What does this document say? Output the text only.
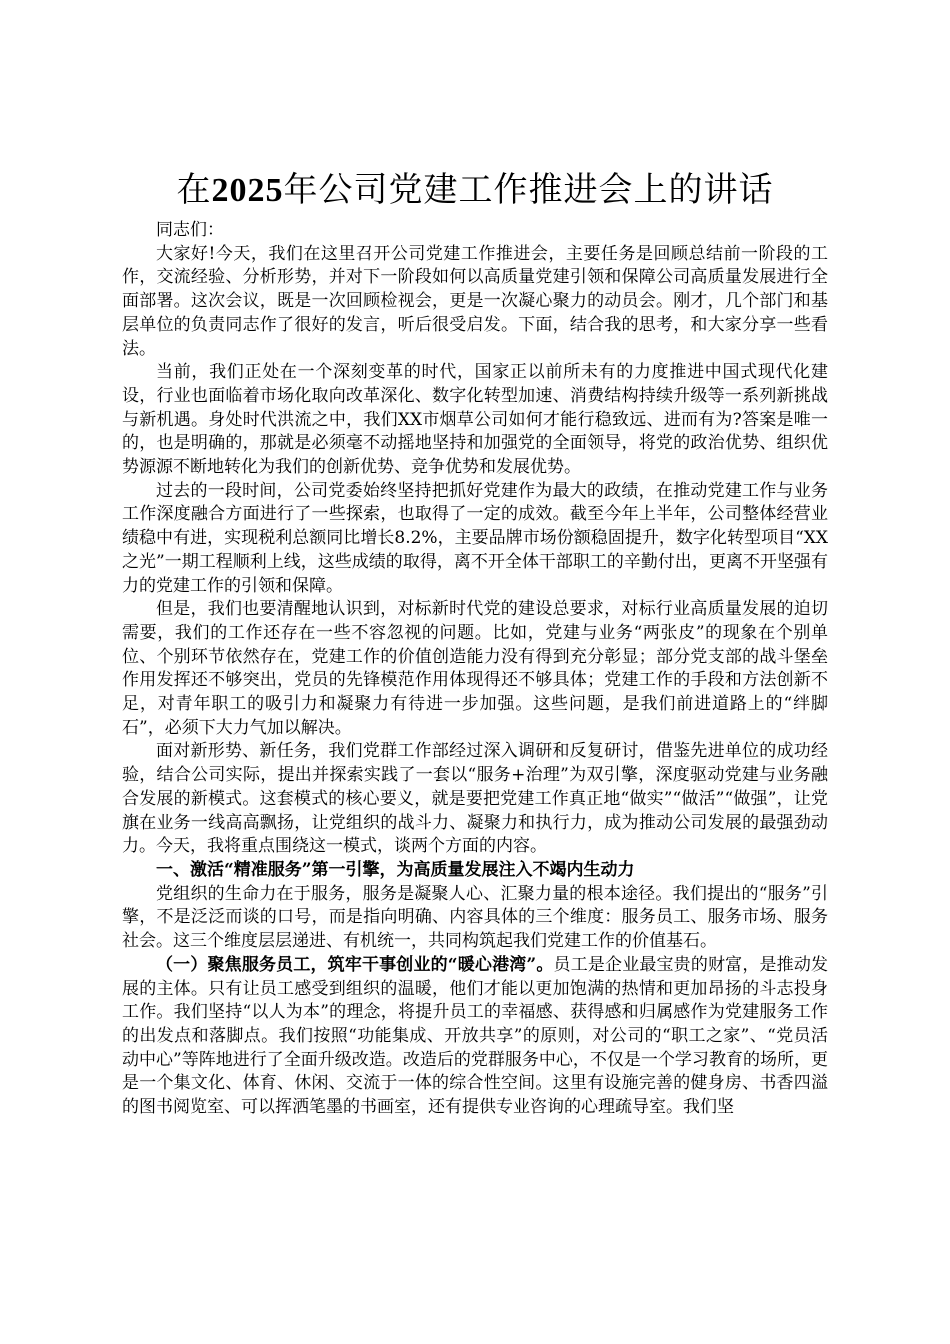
在2025年公司党建工作推进会上的讲话

同志们：

大家好!今天，我们在这里召开公司党建工作推进会，主要任务是回顾总结前一阶段的工作，交流经验、分析形势，并对下一阶段如何以高质量党建引领和保障公司高质量发展进行全面部署。这次会议，既是一次回顾检视会，更是一次凝心聚力的动员会。刚才，几个部门和基层单位的负责同志作了很好的发言，听后很受启发。下面，结合我的思考，和大家分享一些看法。

当前，我们正处在一个深刻变革的时代，国家正以前所未有的力度推进中国式现代化建设，行业也面临着市场化取向改革深化、数字化转型加速、消费结构持续升级等一系列新挑战与新机遇。身处时代洪流之中，我们XX市烟草公司如何才能行稳致远、进而有为?答案是唯一的，也是明确的，那就是必须毫不动摇地坚持和加强党的全面领导，将党的政治优势、组织优势源源不断地转化为我们的创新优势、竞争优势和发展优势。

过去的一段时间，公司党委始终坚持把抓好党建作为最大的政绩，在推动党建工作与业务工作深度融合方面进行了一些探索，也取得了一定的成效。截至今年上半年，公司整体经营业绩稳中有进，实现税利总额同比增长8.2%，主要品牌市场份额稳固提升，数字化转型项目“XX之光”一期工程顺利上线，这些成绩的取得，离不开全体干部职工的辛勤付出，更离不开坚强有力的党建工作的引领和保障。

但是，我们也要清醒地认识到，对标新时代党的建设总要求，对标行业高质量发展的迫切需要，我们的工作还存在一些不容忽视的问题。比如，党建与业务“两张皮”的现象在个别单位、个别环节依然存在，党建工作的价值创造能力没有得到充分彰显；部分党支部的战斗堡垒作用发挥还不够突出，党员的先锋模范作用体现得还不够具体；党建工作的手段和方法创新不足，对青年职工的吸引力和凝聚力有待进一步加强。这些问题，是我们前进道路上的“绊脚石”，必须下大力气加以解决。

面对新形势、新任务，我们党群工作部经过深入调研和反复研讨，借鉴先进单位的成功经验，结合公司实际，提出并探索实践了一套以“服务+治理”为双引擎，深度驱动党建与业务融合发展的新模式。这套模式的核心要义，就是要把党建工作真正地“做实”“做活”“做强”，让党旗在业务一线高高飘扬，让党组织的战斗力、凝聚力和执行力，成为推动公司发展的最强劲动力。今天，我将重点围绕这一模式，谈两个方面的内容。

一、激活“精准服务”第一引擎，为高质量发展注入不竭内生动力

党组织的生命力在于服务，服务是凝聚人心、汇聚力量的根本途径。我们提出的“服务”引擎，不是泛泛而谈的口号，而是指向明确、内容具体的三个维度：服务员工、服务市场、服务社会。这三个维度层层递进、有机统一，共同构筑起我们党建工作的价值基石。

（一）聚焦服务员工，筑牢干事创业的“暖心港湾”。员工是企业最宝贵的财富，是推动发展的主体。只有让员工感受到组织的温暖，他们才能以更加饱满的热情和更加昂扬的斗志投身工作。我们坚持“以人为本”的理念，将提升员工的幸福感、获得感和归属感作为党建服务工作的出发点和落脚点。我们按照“功能集成、开放共享”的原则，对公司的“职工之家”、“党员活动中心”等阵地进行了全面升级改造。改造后的党群服务中心，不仅是一个学习教育的场所，更是一个集文化、体育、休闲、交流于一体的综合性空间。这里有设施完善的健身房、书香四溢的图书阅览室、可以挥洒笔墨的书画室，还有提供专业咨询的心理疏导室。我们坚
